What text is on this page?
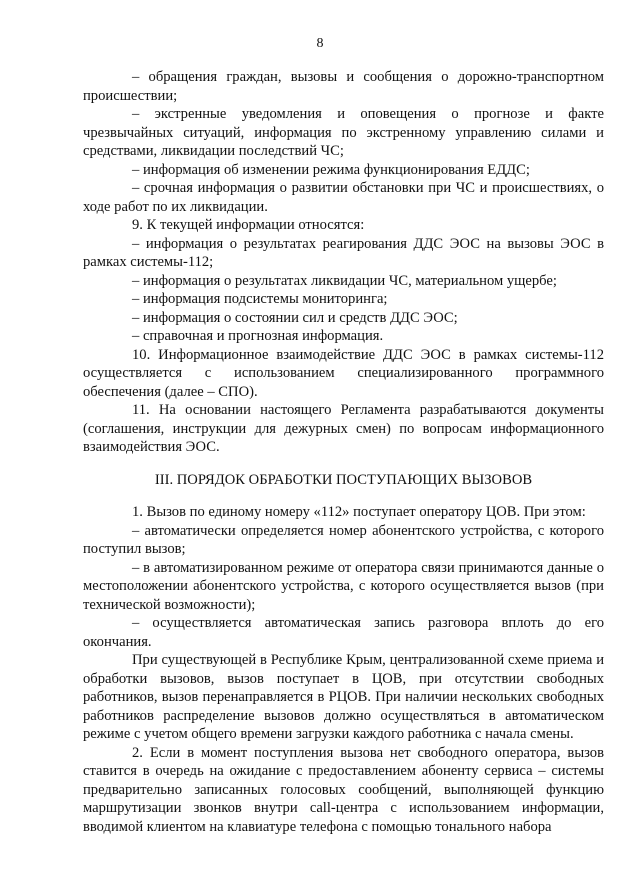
8

– обращения граждан, вызовы и сообщения о дорожно-транспортном происшествии;

– экстренные уведомления и оповещения о прогнозе и факте чрезвычайных ситуаций, информация по экстренному управлению силами и средствами, ликвидации последствий ЧС;

– информация об изменении режима функционирования ЕДДС;

– срочная информация о развитии обстановки при ЧС и происшествиях, о ходе работ по их ликвидации.

9. К текущей информации относятся:

– информация о результатах реагирования ДДС ЭОС на вызовы ЭОС в рамках системы-112;

– информация о результатах ликвидации ЧС, материальном ущербе;

– информация подсистемы мониторинга;

– информация о состоянии сил и средств ДДС ЭОС;

– справочная и прогнозная информация.

10. Информационное взаимодействие ДДС ЭОС в рамках системы-112 осуществляется с использованием специализированного программного обеспечения (далее – СПО).

11. На основании настоящего Регламента разрабатываются документы (соглашения, инструкции для дежурных смен) по вопросам информационного взаимодействия ЭОС.

III. ПОРЯДОК ОБРАБОТКИ ПОСТУПАЮЩИХ ВЫЗОВОВ

1. Вызов по единому номеру «112» поступает оператору ЦОВ. При этом:

– автоматически определяется номер абонентского устройства, с которого поступил вызов;

– в автоматизированном режиме от оператора связи принимаются данные о местоположении абонентского устройства, с которого осуществляется вызов (при технической возможности);

– осуществляется автоматическая запись разговора вплоть до его окончания.

При существующей в Республике Крым, централизованной схеме приема и обработки вызовов, вызов поступает в ЦОВ, при отсутствии свободных работников, вызов перенаправляется в РЦОВ. При наличии нескольких свободных работников распределение вызовов должно осуществляться в автоматическом режиме с учетом общего времени загрузки каждого работника с начала смены.

2. Если в момент поступления вызова нет свободного оператора, вызов ставится в очередь на ожидание с предоставлением абоненту сервиса – системы предварительно записанных голосовых сообщений, выполняющей функцию маршрутизации звонков внутри call-центра с использованием информации, вводимой клиентом на клавиатуре телефона с помощью тонального набора
